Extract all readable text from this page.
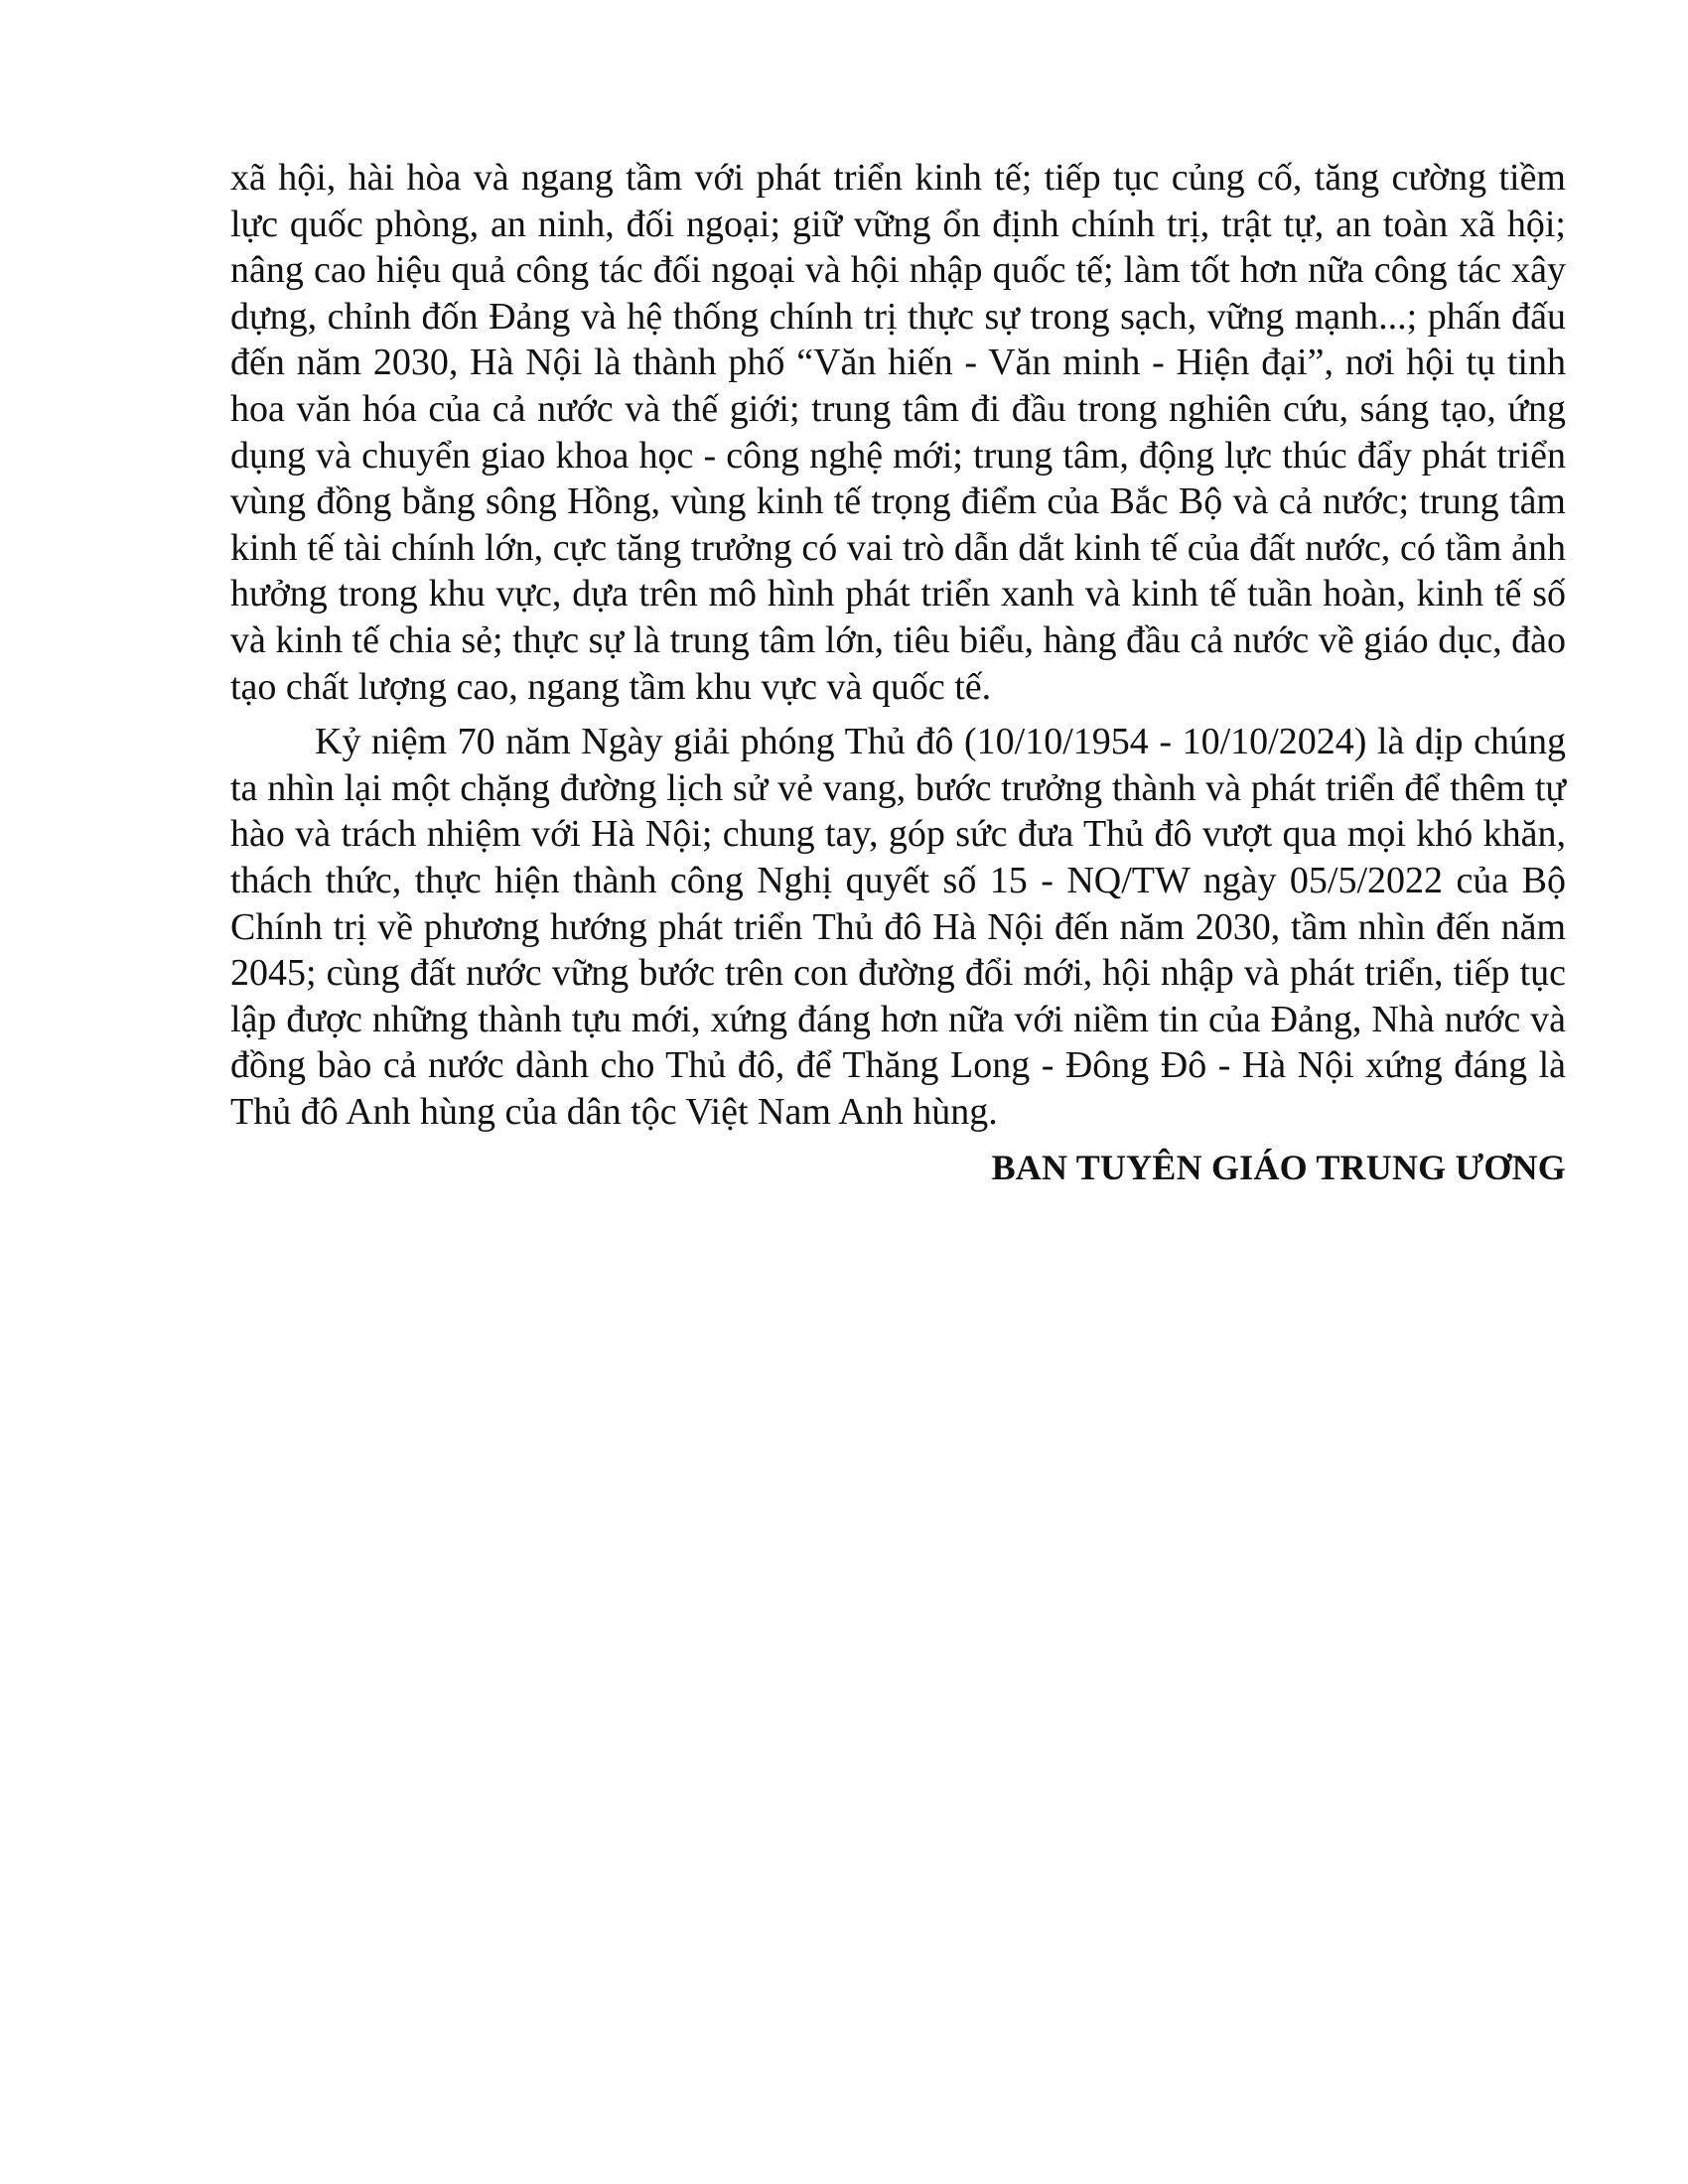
xã hội, hài hòa và ngang tầm với phát triển kinh tế; tiếp tục củng cố, tăng cường tiềm lực quốc phòng, an ninh, đối ngoại; giữ vững ổn định chính trị, trật tự, an toàn xã hội; nâng cao hiệu quả công tác đối ngoại và hội nhập quốc tế; làm tốt hơn nữa công tác xây dựng, chỉnh đốn Đảng và hệ thống chính trị thực sự trong sạch, vững mạnh...; phấn đấu đến năm 2030, Hà Nội là thành phố “Văn hiến - Văn minh - Hiện đại”, nơi hội tụ tinh hoa văn hóa của cả nước và thế giới; trung tâm đi đầu trong nghiên cứu, sáng tạo, ứng dụng và chuyển giao khoa học - công nghệ mới; trung tâm, động lực thúc đẩy phát triển vùng đồng bằng sông Hồng, vùng kinh tế trọng điểm của Bắc Bộ và cả nước; trung tâm kinh tế tài chính lớn, cực tăng trưởng có vai trò dẫn dắt kinh tế của đất nước, có tầm ảnh hưởng trong khu vực, dựa trên mô hình phát triển xanh và kinh tế tuần hoàn, kinh tế số và kinh tế chia sẻ; thực sự là trung tâm lớn, tiêu biểu, hàng đầu cả nước về giáo dục, đào tạo chất lượng cao, ngang tầm khu vực và quốc tế.

Kỷ niệm 70 năm Ngày giải phóng Thủ đô (10/10/1954 - 10/10/2024) là dịp chúng ta nhìn lại một chặng đường lịch sử vẻ vang, bước trưởng thành và phát triển để thêm tự hào và trách nhiệm với Hà Nội; chung tay, góp sức đưa Thủ đô vượt qua mọi khó khăn, thách thức, thực hiện thành công Nghị quyết số 15 - NQ/TW ngày 05/5/2022 của Bộ Chính trị về phương hướng phát triển Thủ đô Hà Nội đến năm 2030, tầm nhìn đến năm 2045; cùng đất nước vững bước trên con đường đổi mới, hội nhập và phát triển, tiếp tục lập được những thành tựu mới, xứng đáng hơn nữa với niềm tin của Đảng, Nhà nước và đồng bào cả nước dành cho Thủ đô, để Thăng Long - Đông Đô - Hà Nội xứng đáng là Thủ đô Anh hùng của dân tộc Việt Nam Anh hùng.

BAN TUYÊN GIÁO TRUNG ƯƠNG
